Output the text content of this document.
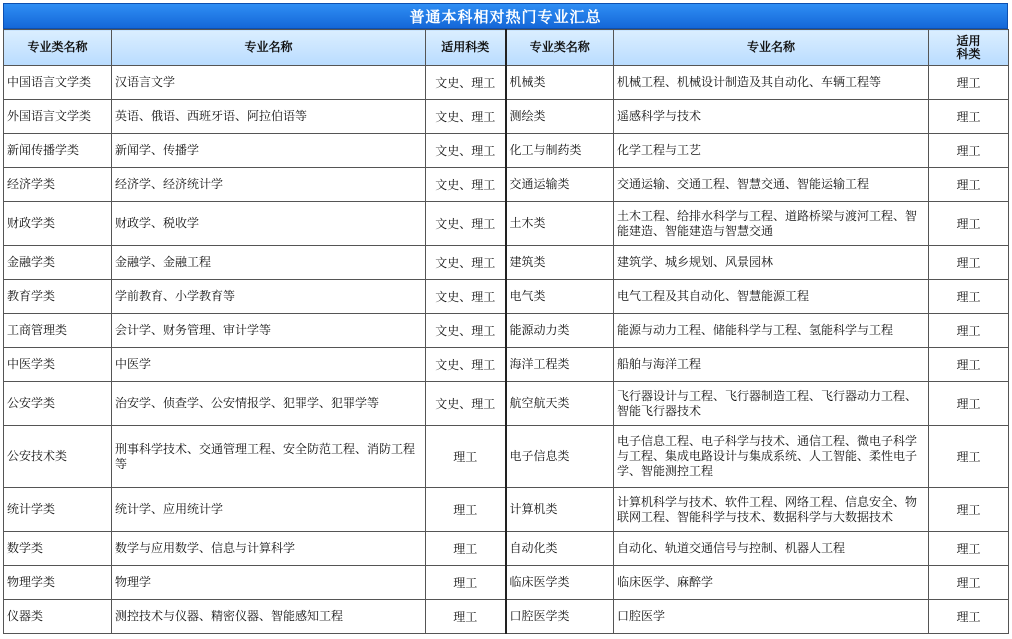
普通本科相对热门专业汇总
专业类名称	专业名称	适用科类	专业类名称	专业名称	适用
科类
中国语言文学类	汉语言文学	文史、理工	机械类	机械工程、机械设计制造及其自动化、车辆工程等	理工
外国语言文学类	英语、俄语、西班牙语、阿拉伯语等	文史、理工	测绘类	遥感科学与技术	理工
新闻传播学类	新闻学、传播学	文史、理工	化工与制药类	化学工程与工艺	理工
经济学类	经济学、经济统计学	文史、理工	交通运输类	交通运输、交通工程、智慧交通、智能运输工程	理工
财政学类	财政学、税收学	文史、理工	土木类	土木工程、给排水科学与工程、道路桥梁与渡河工程、智能建造、智能建造与智慧交通	理工
金融学类	金融学、金融工程	文史、理工	建筑类	建筑学、城乡规划、风景园林	理工
教育学类	学前教育、小学教育等	文史、理工	电气类	电气工程及其自动化、智慧能源工程	理工
工商管理类	会计学、财务管理、审计学等	文史、理工	能源动力类	能源与动力工程、储能科学与工程、氢能科学与工程	理工
中医学类	中医学	文史、理工	海洋工程类	船舶与海洋工程	理工
公安学类	治安学、侦查学、公安情报学、犯罪学、犯罪学等	文史、理工	航空航天类	飞行器设计与工程、飞行器制造工程、飞行器动力工程、智能飞行器技术	理工
公安技术类	刑事科学技术、交通管理工程、安全防范工程、消防工程等	理工	电子信息类	电子信息工程、电子科学与技术、通信工程、微电子科学与工程、集成电路设计与集成系统、人工智能、柔性电子学、智能测控工程	理工
统计学类	统计学、应用统计学	理工	计算机类	计算机科学与技术、软件工程、网络工程、信息安全、物联网工程、智能科学与技术、数据科学与大数据技术	理工
数学类	数学与应用数学、信息与计算科学	理工	自动化类	自动化、轨道交通信号与控制、机器人工程	理工
物理学类	物理学	理工	临床医学类	临床医学、麻醉学	理工
仪器类	测控技术与仪器、精密仪器、智能感知工程	理工	口腔医学类	口腔医学	理工
